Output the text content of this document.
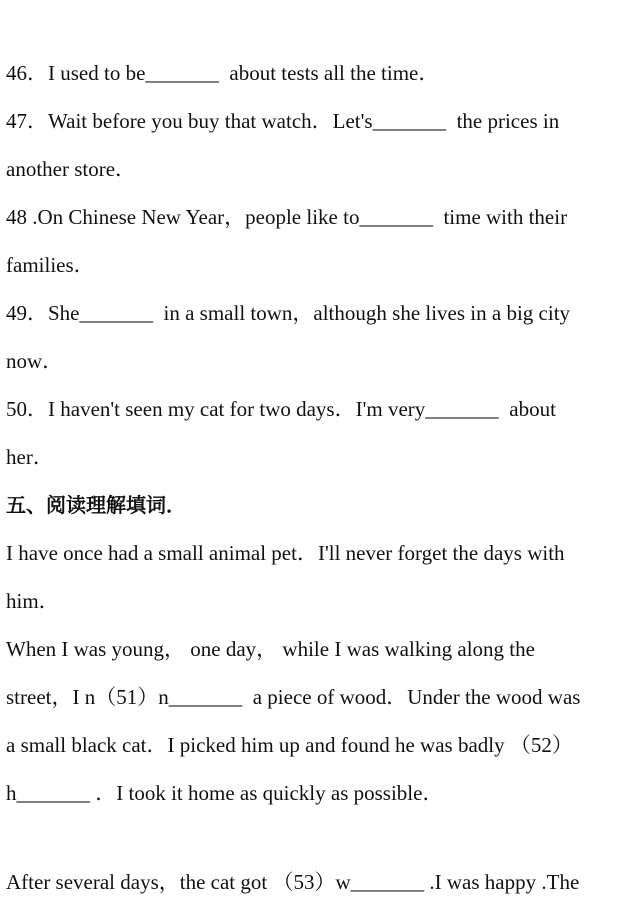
46．I used to be_______  about tests all the time．
47．Wait before you buy that watch．Let's_______  the prices in
another store．
48 .On Chinese New Year，people like to_______  time with their
families．
49．She_______  in a small town，although she lives in a big city
now．
50．I haven't seen my cat for two days．I'm very_______  about
her．
五、阅读理解填词．
I have once had a small animal pet．I'll never forget the days with
him．
When I was young， one day， while I was walking along the
street，I n（51）n_______  a piece of wood．Under the wood was
a small black cat．I picked him up and found he was badly （52）
h_______ ．I took it home as quickly as possible．
After several days，the cat got （53）w_______ .I was happy .The
